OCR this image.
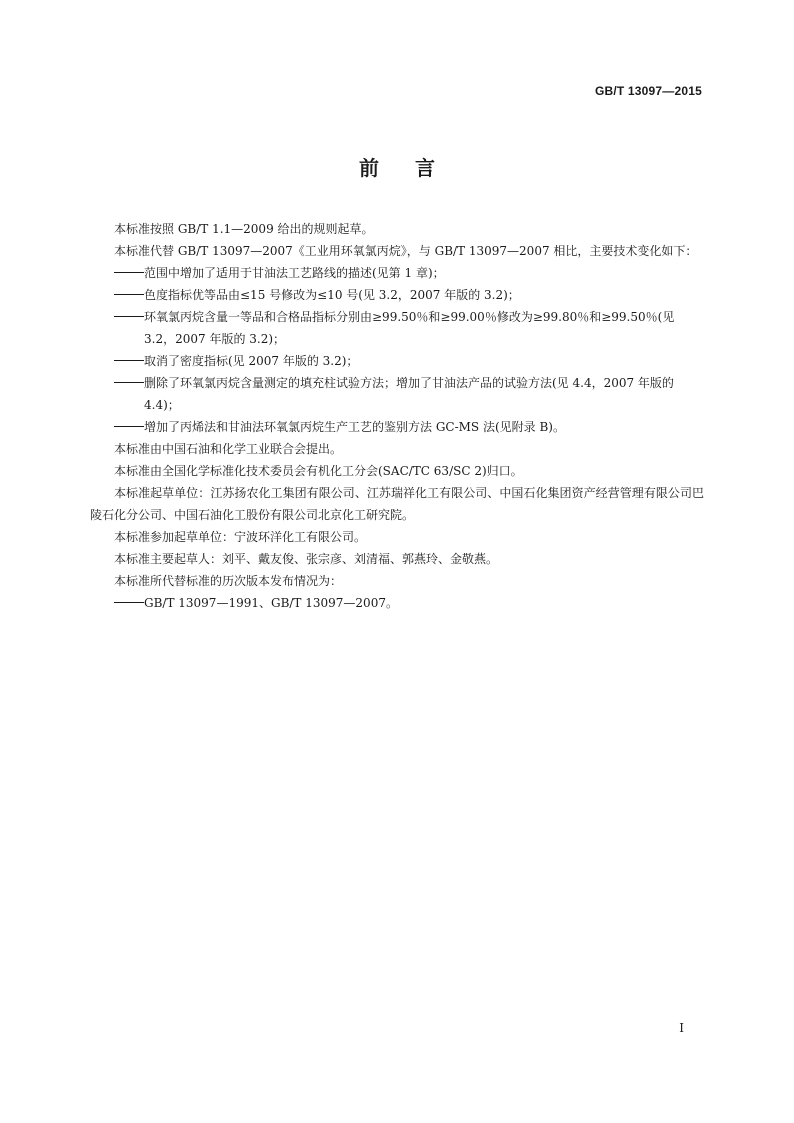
GB/T 13097—2015
前言

本标准按照 GB/T 1.1—2009 给出的规则起草。

本标准代替 GB/T 13097—2007《工业用环氧氯丙烷》，与 GB/T 13097—2007 相比，主要技术变化如下：

范围中增加了适用于甘油法工艺路线的描述(见第 1 章)；

色度指标优等品由≤15 号修改为≤10 号(见 3.2，2007 年版的 3.2)；

环氧氯丙烷含量一等品和合格品指标分别由≥99.50％和≥99.00％修改为≥99.80％和≥99.50％(见 3.2，2007 年版的 3.2)；

取消了密度指标(见 2007 年版的 3.2)；

删除了环氧氯丙烷含量测定的填充柱试验方法；增加了甘油法产品的试验方法(见 4.4，2007 年版的 4.4)；

增加了丙烯法和甘油法环氧氯丙烷生产工艺的鉴别方法 GC-MS 法(见附录 B)。

本标准由中国石油和化学工业联合会提出。

本标准由全国化学标准化技术委员会有机化工分会(SAC/TC 63/SC 2)归口。

本标准起草单位：江苏扬农化工集团有限公司、江苏瑞祥化工有限公司、中国石化集团资产经营管理有限公司巴陵石化分公司、中国石油化工股份有限公司北京化工研究院。

本标准参加起草单位：宁波环洋化工有限公司。

本标准主要起草人：刘平、戴友俊、张宗彦、刘清福、郭燕玲、金敬燕。

本标准所代替标准的历次版本发布情况为：

GB/T 13097—1991、GB/T 13097—2007。

I
